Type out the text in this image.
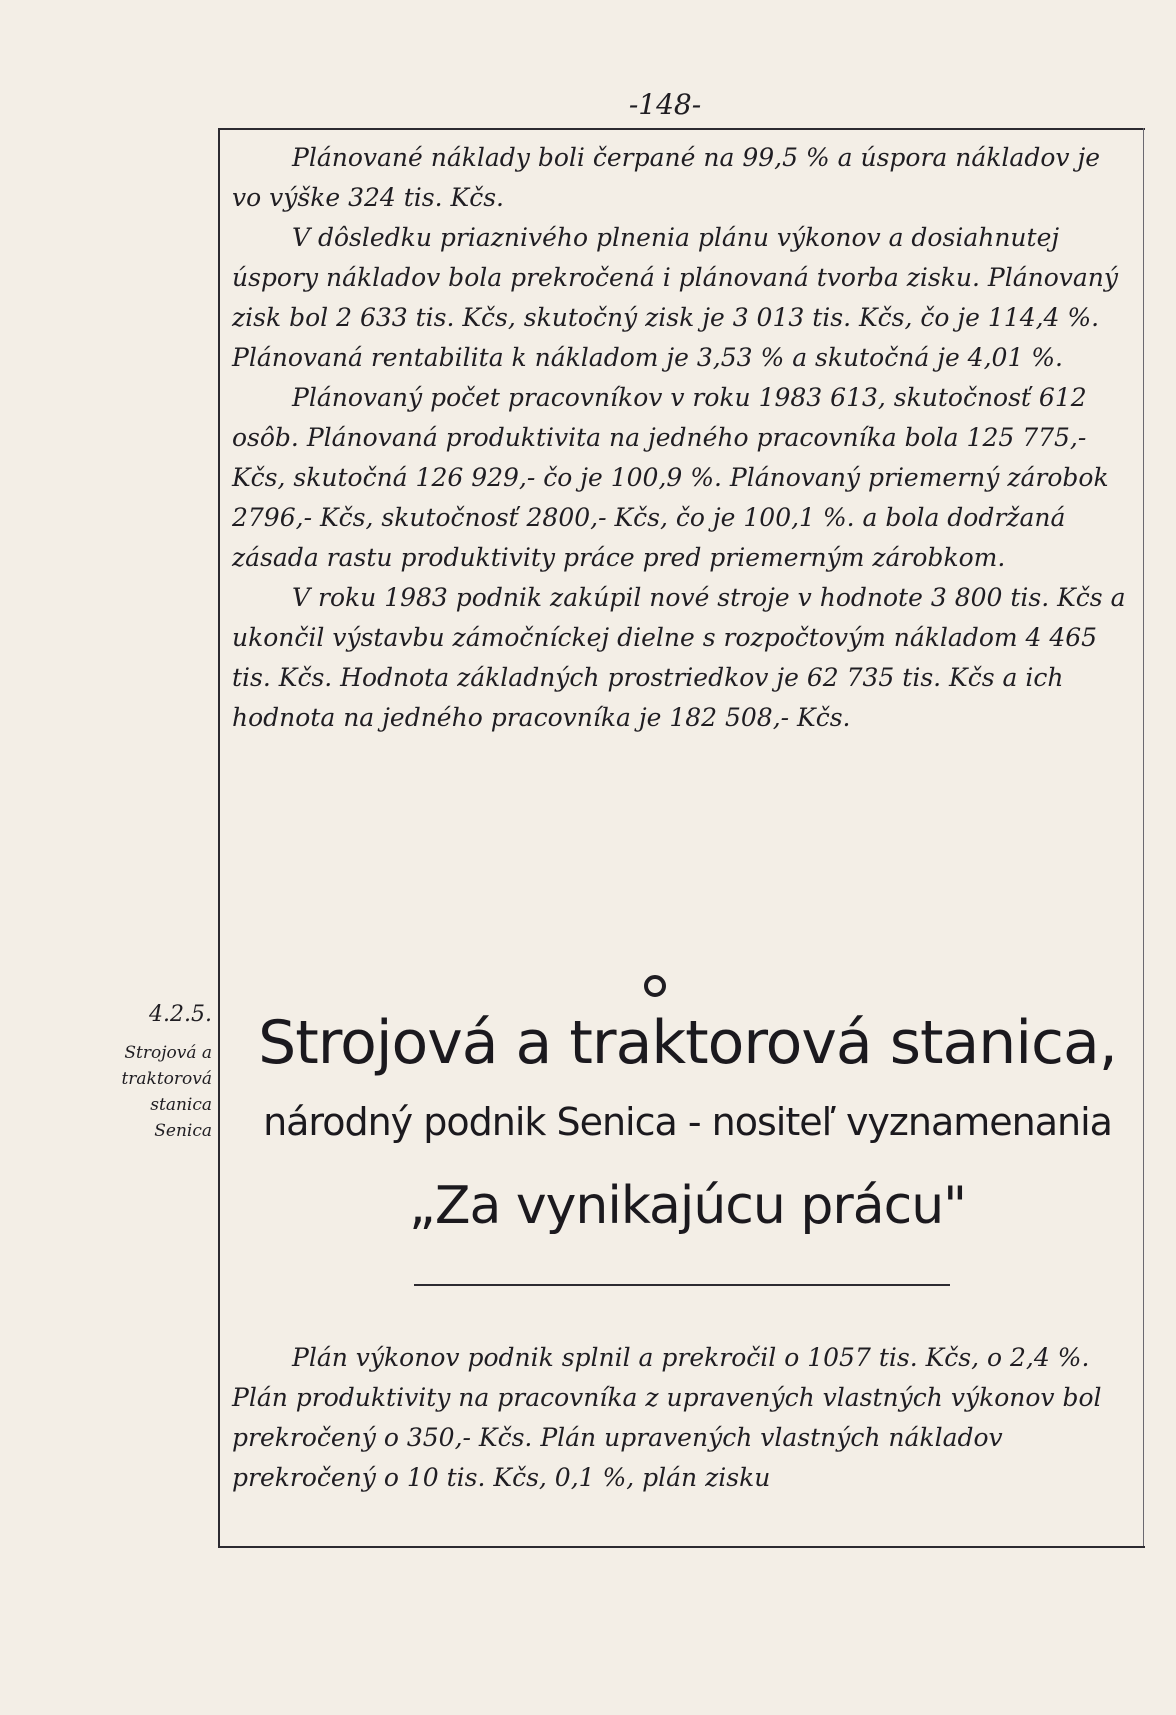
-148-

Plánované náklady boli čerpané na 99,5 % a úspora nákladov je vo výške 324 tis. Kčs.

V dôsledku priaznivého plnenia plánu výkonov a dosiahnutej úspory nákladov bola prekročená i plánovaná tvorba zisku. Plánovaný zisk bol 2 633 tis. Kčs, skutočný zisk je 3 013 tis. Kčs, čo je 114,4 %. Plánovaná rentabilita k nákladom je 3,53 % a skutočná je 4,01 %.

Plánovaný počet pracovníkov v roku 1983 613, skutočnosť 612 osôb. Plánovaná produktivita na jedného pracovníka bola 125 775,- Kčs, skutočná 126 929,- čo je 100,9 %. Plánovaný priemerný zárobok 2796,- Kčs, skutočnosť 2800,- Kčs, čo je 100,1 %. a bola dodržaná zásada rastu produktivity práce pred priemerným zárobkom.

V roku 1983 podnik zakúpil nové stroje v hodnote 3 800 tis. Kčs a ukončil výstavbu zámočníckej dielne s rozpočtovým nákladom 4 465 tis. Kčs. Hodnota základných prostriedkov je 62 735 tis. Kčs a ich hodnota na jedného pracovníka je 182 508,- Kčs.

4.2.5.
Strojová a traktorová stanica Senica
Strojová a traktorová stanica,
národný podnik Senica - nositeľ vyznamenania
„Za vynikajúcu prácu"

Plán výkonov podnik splnil a prekročil o 1057 tis. Kčs, o 2,4 %. Plán produktivity na pracovníka z upravených vlastných výkonov bol prekročený o 350,- Kčs. Plán upravených vlastných nákladov prekročený o 10 tis. Kčs, 0,1 %, plán zisku
